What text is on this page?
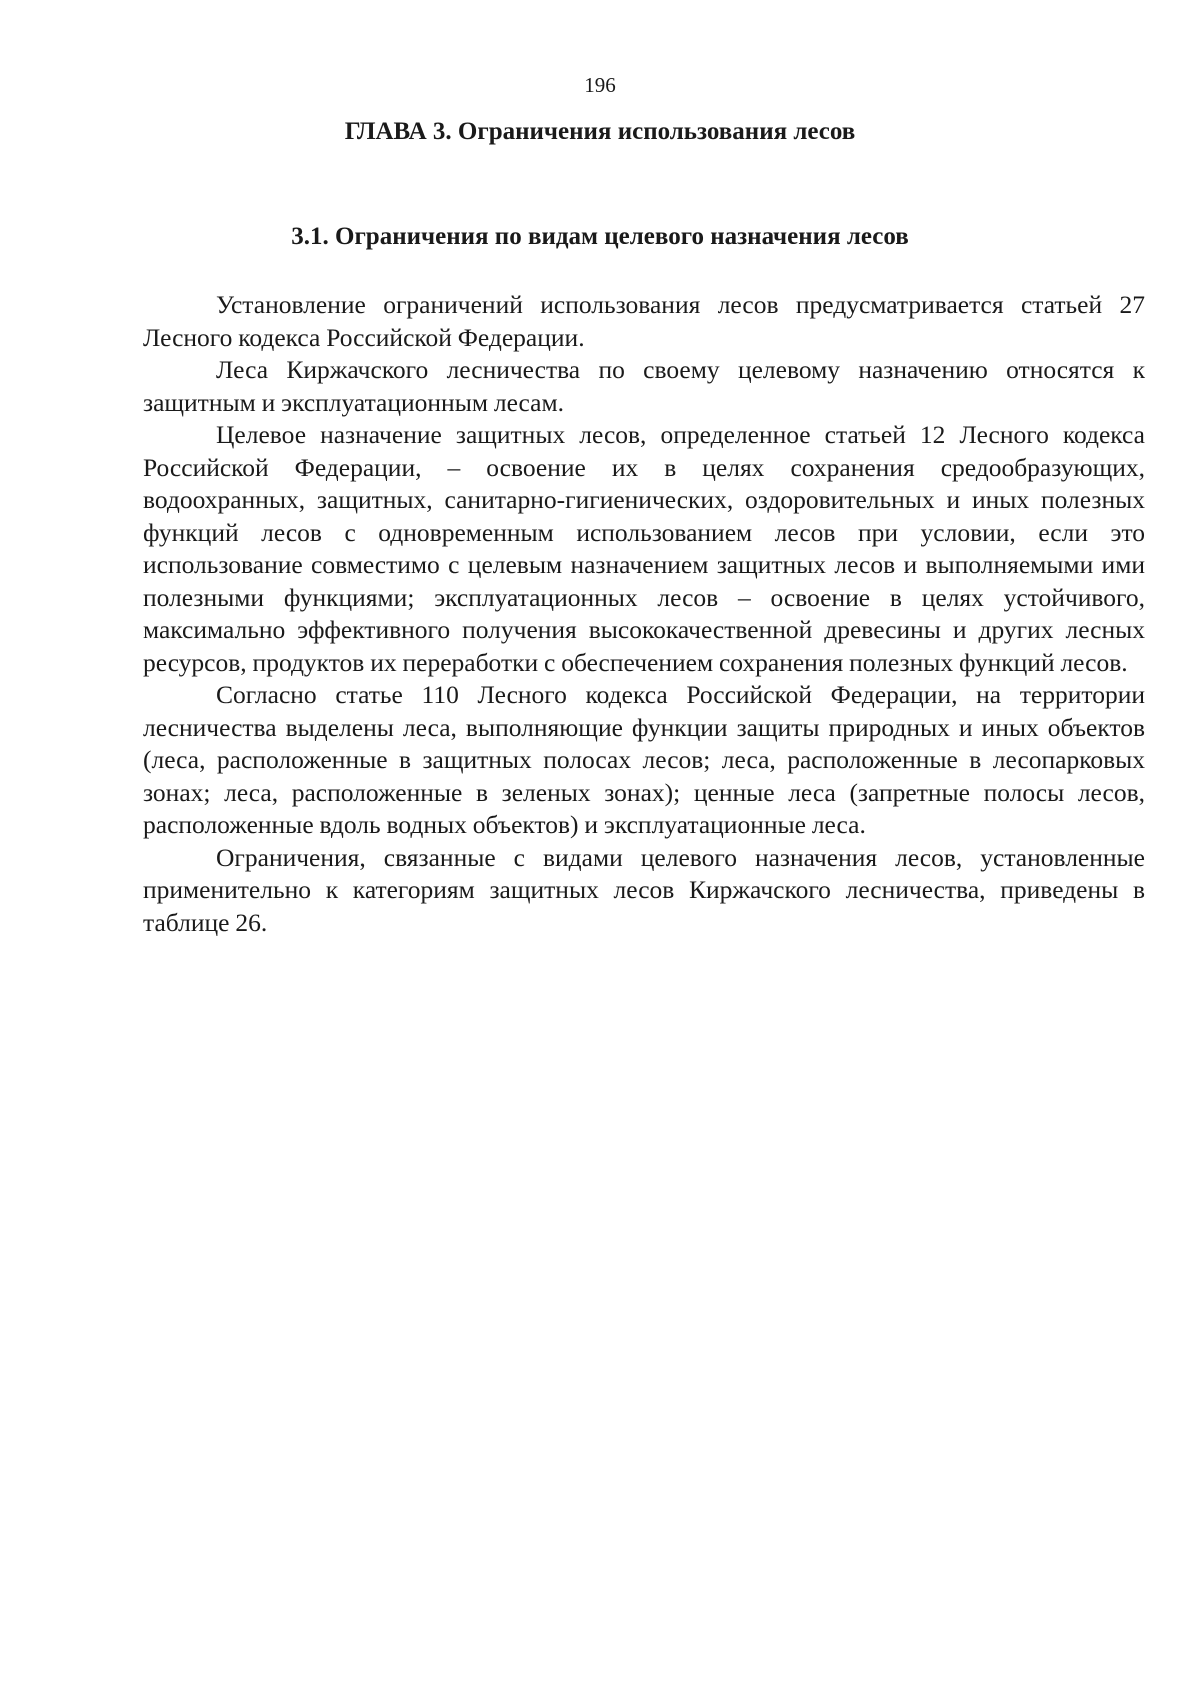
196
ГЛАВА 3. Ограничения использования лесов
3.1. Ограничения по видам целевого назначения лесов

Установление ограничений использования лесов предусматривается статьей 27 Лесного кодекса Российской Федерации.

Леса Киржачского лесничества по своему целевому назначению относятся к защитным и эксплуатационным лесам.

Целевое назначение защитных лесов, определенное статьей 12 Лесного кодекса Российской Федерации, – освоение их в целях сохранения средообразующих, водоохранных, защитных, санитарно-гигиенических, оздоровительных и иных полезных функций лесов с одновременным использованием лесов при условии, если это использование совместимо с целевым назначением защитных лесов и выполняемыми ими полезными функциями; эксплуатационных лесов – освоение в целях устойчивого, максимально эффективного получения высококачественной древесины и других лесных ресурсов, продуктов их переработки с обеспечением сохранения полезных функций лесов.

Согласно статье 110 Лесного кодекса Российской Федерации, на территории лесничества выделены леса, выполняющие функции защиты природных и иных объектов (леса, расположенные в защитных полосах лесов; леса, расположенные в лесопарковых зонах; леса, расположенные в зеленых зонах); ценные леса (запретные полосы лесов, расположенные вдоль водных объектов) и эксплуатационные леса.

Ограничения, связанные с видами целевого назначения лесов, установленные применительно к категориям защитных лесов Киржачского лесничества, приведены в таблице 26.
